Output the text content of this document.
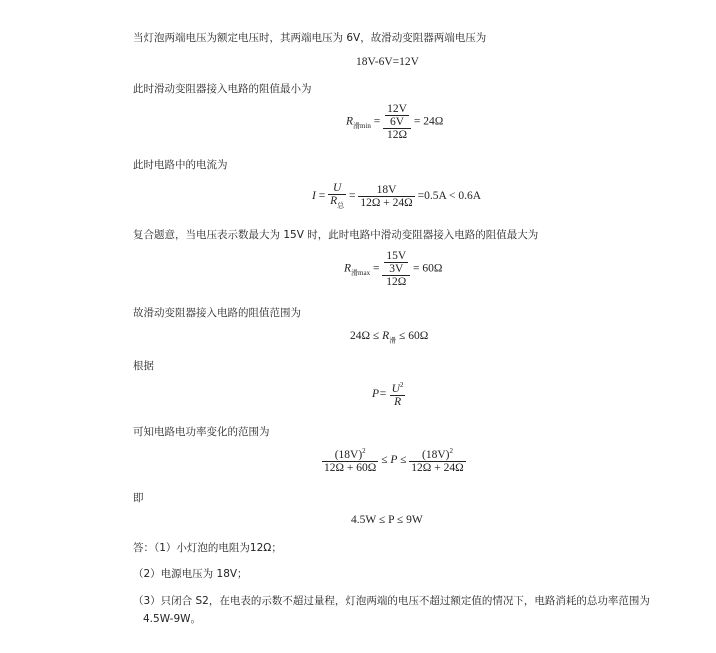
当灯泡两端电压为额定电压时，其两端电压为 6V，故滑动变阻器两端电压为
18V-6V=12V
此时滑动变阻器接入电路的阻值最小为
$R_{滑min} = \frac{\frac{12V}{6V}}{12\Omega} = 24\Omega$
此时电路中的电流为
$I = \frac{U}{R_总} = \frac{18V}{12\Omega + 24\Omega} =0.5A < 0.6A$
复合题意，当电压表示数最大为 15V 时，此时电路中滑动变阻器接入电路的阻值最大为
$R_{滑max} = \frac{\frac{15V}{3V}}{12\Omega} = 60\Omega$
故滑动变阻器接入电路的阻值范围为
$24\Omega \le R_滑 \le 60\Omega$
根据
$P= \frac{U^2}{R}$
可知电路电功率变化的范围为
$\frac{(18V)^2}{12\Omega + 60\Omega} \le P \le \frac{(18V)^2}{12\Omega + 24\Omega}$
即
4.5W ≤ P ≤ 9W
答：（1）小灯泡的电阻为12Ω；
（2）电源电压为 18V；
（3）只闭合 S2，在电表的示数不超过量程，灯泡两端的电压不超过额定值的情况下，电路消耗的总功率范围为
4.5W-9W。
